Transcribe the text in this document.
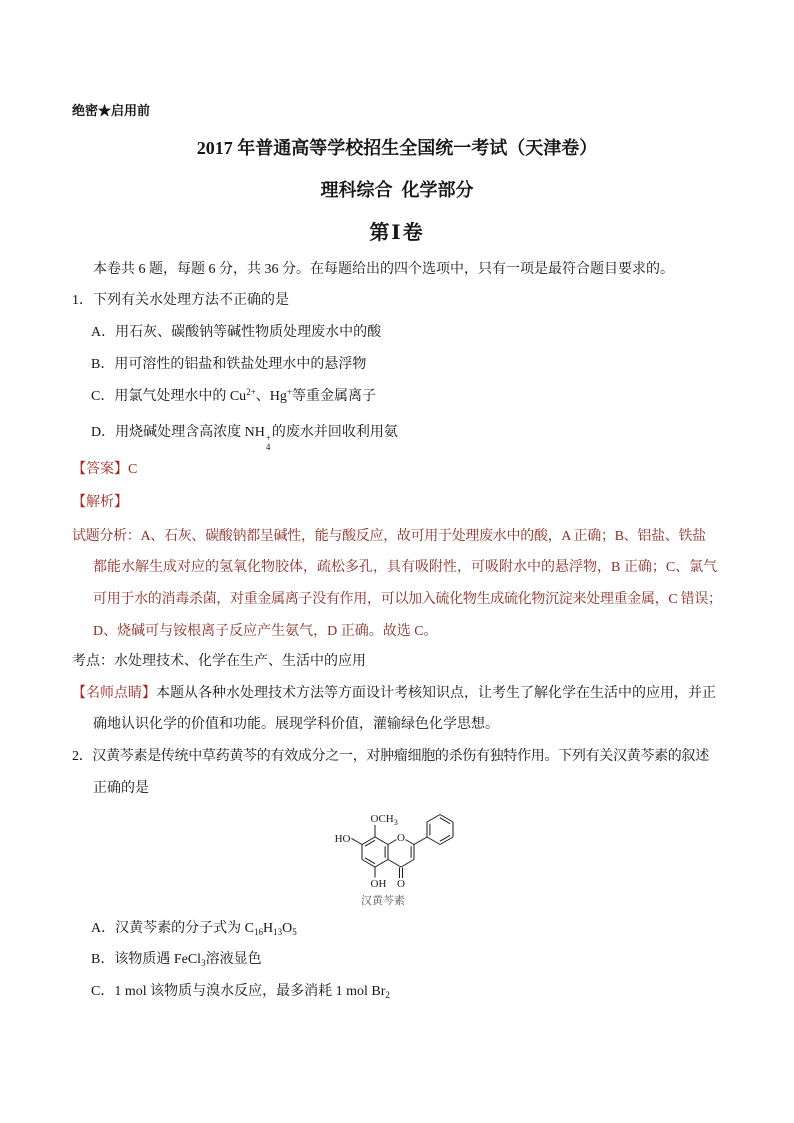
绝密★启用前
2017 年普通高等学校招生全国统一考试（天津卷）
理科综合  化学部分
第Ⅰ卷
本卷共 6 题，每题 6 分，共 36 分。在每题给出的四个选项中，只有一项是最符合题目要求的。
1．下列有关水处理方法不正确的是
A．用石灰、碳酸钠等碱性物质处理废水中的酸
B．用可溶性的铝盐和铁盐处理水中的悬浮物
C．用氯气处理水中的 $Cu^{2+}$、Hg+等重金属离子
D．用烧碱处理含高浓度 NH +
4
的废水并回收利用氨
【答案】C
【解析】
试题分析：A、石灰、碳酸钠都呈碱性，能与酸反应，故可用于处理废水中的酸，A 正确；B、铝盐、铁盐
都能水解生成对应的氢氧化物胶体，疏松多孔，具有吸附性，可吸附水中的悬浮物，B 正确；C、氯气
可用于水的消毒杀菌，对重金属离子没有作用，可以加入硫化物生成硫化物沉淀来处理重金属，C 错误；
D、烧碱可与铵根离子反应产生氨气，D 正确。故选 C。
考点：水处理技术、化学在生产、生活中的应用
【名师点睛】本题从各种水处理技术方法等方面设计考核知识点，让考生了解化学在生活中的应用，并正
确地认识化学的价值和功能。展现学科价值，灌输绿色化学思想。
2．汉黄芩素是传统中草药黄芩的有效成分之一，对肿瘤细胞的杀伤有独特作用。下列有关汉黄芩素的叙述
正确的是
$OCH_3$
HO	O
OH O
汉黄芩素
A．汉黄芩素的分子式为 $C_{16}H_{13}O_5$
B．该物质遇 FeCl$_3$溶液显色
C．1 mol 该物质与溴水反应，最多消耗 1 mol $Br_2$
